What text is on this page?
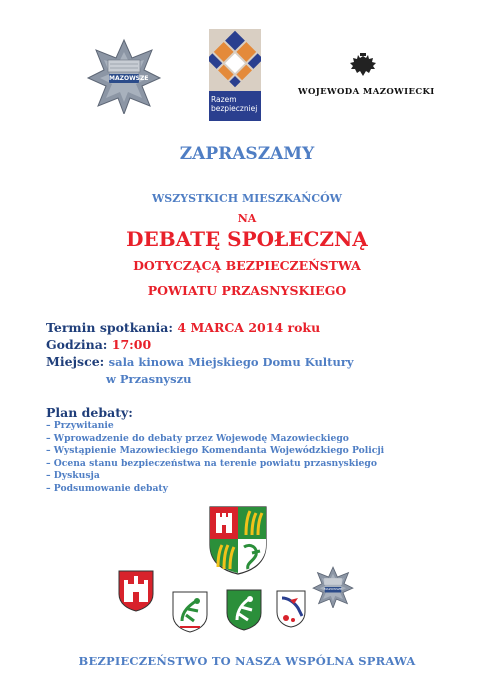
MAZOWSZE
Razem bezpieczniej
WOJEWODA MAZOWIECKI
ZAPRASZAMY
WSZYSTKICH MIESZKAŃCÓW
NA
DEBATĘ SPOŁECZNĄ
DOTYCZĄCĄ BEZPIECZEŃSTWA
POWIATU PRZASNYSKIEGO
Termin spotkania: 4 MARCA 2014 roku
Godzina: 17:00
Miejsce: sala kinowa Miejskiego Domu Kultury
w Przasnyszu
Plan debaty:
– Przywitanie
– Wprowadzenie do debaty przez Wojewodę Mazowieckiego
– Wystąpienie Mazowieckiego Komendanta Wojewódzkiego Policji
– Ocena stanu bezpieczeństwa na terenie powiatu przasnyskiego
– Dyskusja
– Podsumowanie debaty
MAZOWSZE
BEZPIECZEŃSTWO TO NASZA WSPÓLNA SPRAWA
